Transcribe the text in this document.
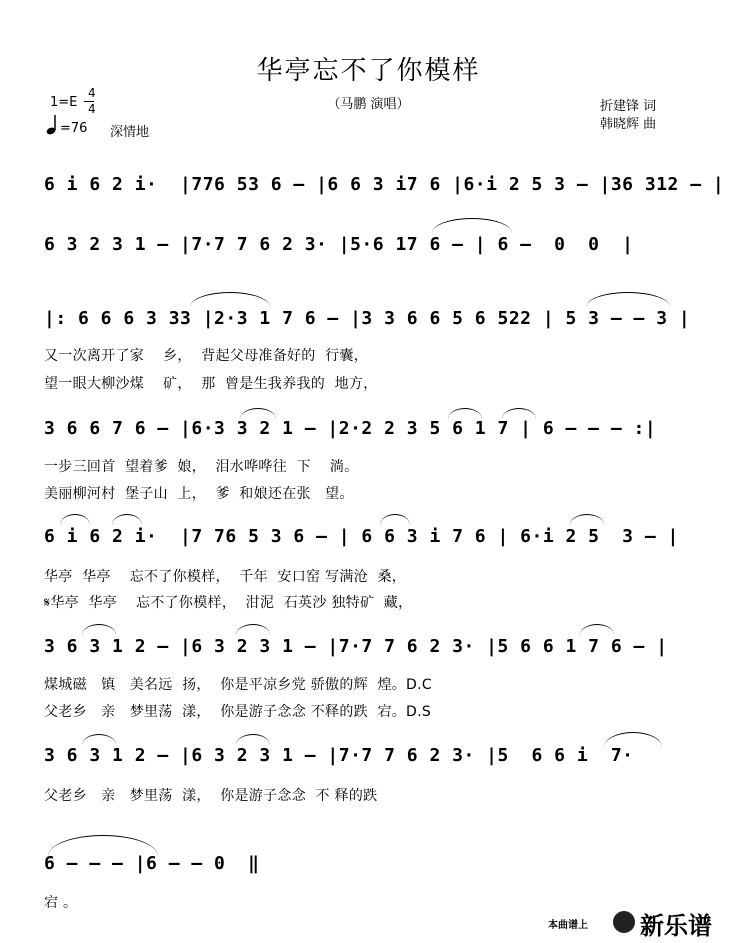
华亭忘不了你模样
（马鹏 演唱）
1=E
4
4
=76 深情地
折建锋 词
韩晓辉 曲
6 i 6 2 i·  |776 53 6 – |6 6 3 i7 6 |6·i 2 5 3 – |36 312 – |
6 3 2 3 1 – |7·7 7 6 2 3· |5·6 17 6 – | 6 –  0  0  |
|: 6 6 6 3 33 |2·3 1 7 6 – |3 3 6 6 5 6 522 | 5 3 – – 3 |
又一次离开了家    乡，  背起父母准备好的  行囊，
望一眼大柳沙煤    矿，  那  曾是生我养我的  地方，
3 6 6 7 6 – |6·3 3 2 1 – |2·2 2 3 5 6 1 7 | 6 – – – :|
一步三回首  望着爹  娘，  泪水哗哗往  下    淌。
美丽柳河村  堡子山  上，  爹  和娘还在张   望。
6 i 6 2 i·  |7 76 5 3 6 – | 6 6 3 i 7 6 | 6·i 2 5  3 – |
华亭  华亭    忘不了你模样，  千年  安口窑 写满沧  桑，
𝄋华亭  华亭    忘不了你模样，  泔泥  石英沙 独特矿  藏，
3 6 3 1 2 – |6 3 2 3 1 – |7·7 7 6 2 3· |5 6 6 1 7 6 – |
煤城磁   镇   美名远  扬，  你是平凉乡党 骄傲的辉  煌。D.C
父老乡   亲   梦里荡  漾，  你是游子念念 不释的跌  宕。D.S
3 6 3 1 2 – |6 3 2 3 1 – |7·7 7 6 2 3· |5  6 6 i  7·
父老乡   亲   梦里荡  漾，  你是游子念念  不 释的跌
6 – – – |6 – – 0  ‖
宕 。
本曲谱上 新乐谱
